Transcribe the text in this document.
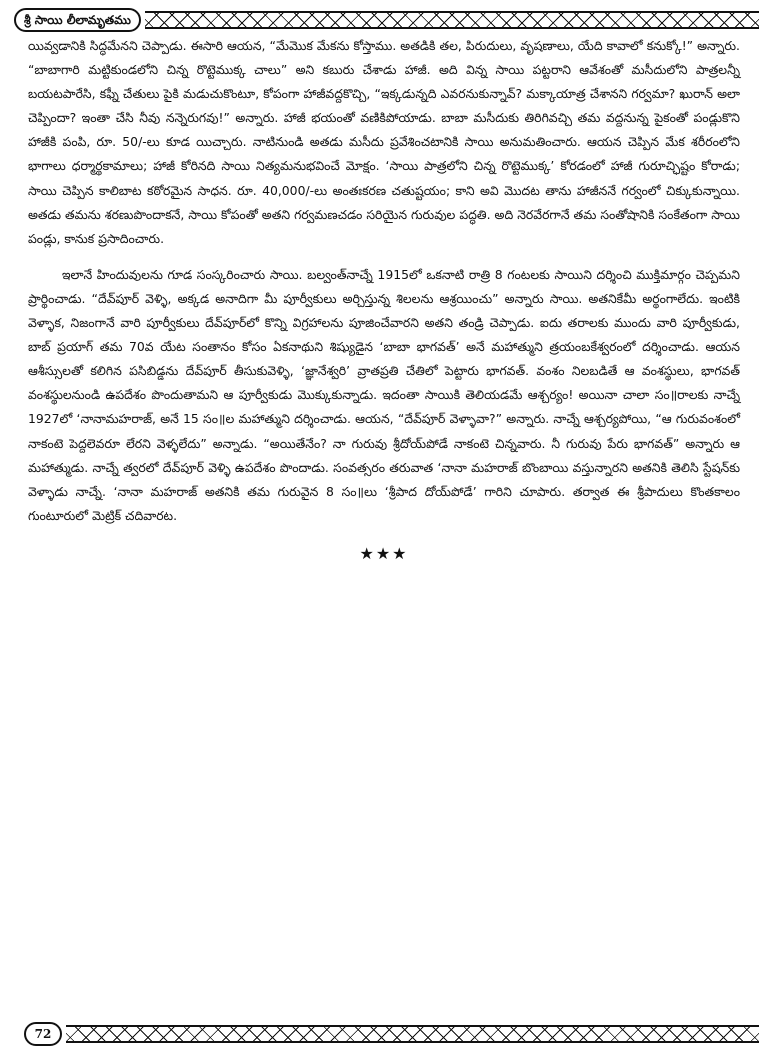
శ్రీ సాయి లీలామృతము

యివ్వడానికి సిద్ధమేనని చెప్పాడు. ఈసారి ఆయన, “మేమొక మేకను కోస్తాము. అతడికి తల, పిరుదులు, వృషణాలు, యేది కావాలో కనుక్కో!” అన్నారు. “బాబాగారి మట్టికుండలోని చిన్న రొట్టెముక్క చాలు” అని కబురు చేశాడు హాజీ. అది విన్న సాయి పట్టరాని ఆవేశంతో మసీదులోని పాత్రలన్నీ బయటపారేసి, కఫ్నీ చేతులు పైకి మడుచుకొంటూ, కోపంగా హాజీవద్దకొచ్చి, “ఇక్కడున్నది ఎవరనుకున్నావ్? మక్కాయాత్ర చేశానని గర్వమా? ఖురాన్ అలా చెప్పిందా? ఇంతా చేసి నీవు నన్నెరుగవు!” అన్నారు. హాజీ భయంతో వణికిపోయాడు. బాబా మసీదుకు తిరిగివచ్చి తమ వద్దనున్న పైకంతో పండ్లుకొని హాజీకి పంపి, రూ. 50/-లు కూడ యిచ్చారు. నాటినుండి అతడు మసీదు ప్రవేశించటానికి సాయి అనుమతించారు. ఆయన చెప్పిన మేక శరీరంలోని భాగాలు ధర్మార్థకామాలు; హాజీ కోరినది సాయి నిత్యమనుభవించే మోక్షం. ‘సాయి పాత్రలోని చిన్న రొట్టెముక్క’ కోరడంలో హాజీ గురూచ్ఛిష్టం కోరాడు; సాయి చెప్పిన కాలిబాట కఠోరమైన సాధన. రూ. 40,000/-లు అంతఃకరణ చతుష్టయం; కాని అవి మొదట తాను హాజీననే గర్వంలో చిక్కుకున్నాయి. అతడు తమను శరణుపొందాకనే, సాయి కోపంతో అతని గర్వమణచడం సరియైన గురువుల పద్ధతి. అది నెరవేరగానే తమ సంతోషానికి సంకేతంగా సాయి పండ్లు, కానుక ప్రసాదించారు.

ఇలానే హిందువులను గూడ సంస్కరించారు సాయి. బల్వంత్‌నాచ్నే 1915లో ఒకనాటి రాత్రి 8 గంటలకు సాయిని దర్శించి ముక్తిమార్గం చెప్పమని ప్రార్థించాడు. “దేవ్‌పూర్ వెళ్ళి, అక్కడ అనాదిగా మీ పూర్వీకులు అర్చిస్తున్న శిలలను ఆశ్రయించు” అన్నారు సాయి. అతనికేమీ అర్థంగాలేదు. ఇంటికి వెళ్ళాక, నిజంగానే వారి పూర్వీకులు దేవ్‌పూర్‌లో కొన్ని విగ్రహాలను పూజించేవారని అతని తండ్రి చెప్పాడు. ఐదు తరాలకు ముందు వారి పూర్వీకుడు, బాబ్ ప్రయాగ్ తమ 70వ యేట సంతానం కోసం ఏకనాథుని శిష్యుడైన ‘బాబా భాగవత్’ అనే మహాత్ముని త్రయంబకేశ్వరంలో దర్శించాడు. ఆయన ఆశీస్సులతో కలిగిన పసిబిడ్డను దేవ్‌పూర్ తీసుకువెళ్ళి, ‘జ్ఞానేశ్వరి’ వ్రాతప్రతి చేతిలో పెట్టారు భాగవత్. వంశం నిలబడితే ఆ వంశస్థులు, భాగవత్ వంశస్థులనుండి ఉపదేశం పొందుతామని ఆ పూర్వీకుడు మొక్కుకున్నాడు. ఇదంతా సాయికి తెలియడమే ఆశ్చర్యం! అయినా చాలా సం॥రాలకు నాచ్నే 1927లో ‘నానామహరాజ్, అనే 15 సం॥ల మహాత్ముని దర్శించాడు. ఆయన, “దేవ్‌పూర్ వెళ్ళావా?” అన్నారు. నాచ్నే ఆశ్చర్యపోయి, “ఆ గురువంశంలో నాకంటె పెద్దలెవరూ లేరని వెళ్ళలేదు” అన్నాడు. “అయితేనేం? నా గురువు శ్రీదోయ్‌పోడే నాకంటె చిన్నవారు. నీ గురువు పేరు భాగవత్” అన్నారు ఆ మహాత్ముడు. నాచ్నే త్వరలో దేవ్‌పూర్ వెళ్ళి ఉపదేశం పొందాడు. సంవత్సరం తరువాత ‘నానా మహరాజ్ బొంబాయి వస్తున్నారని అతనికి తెలిసి స్టేషన్‌కు వెళ్ళాడు నాచ్నే. ‘నానా మహరాజ్ అతనికి తమ గురువైన 8 సం॥లు ‘శ్రీపాద దోయ్‌పోడే’ గారిని చూపారు. తర్వాత ఈ శ్రీపాదులు కొంతకాలం గుంటూరులో మెట్రిక్ చదివారట.

★★★
72
